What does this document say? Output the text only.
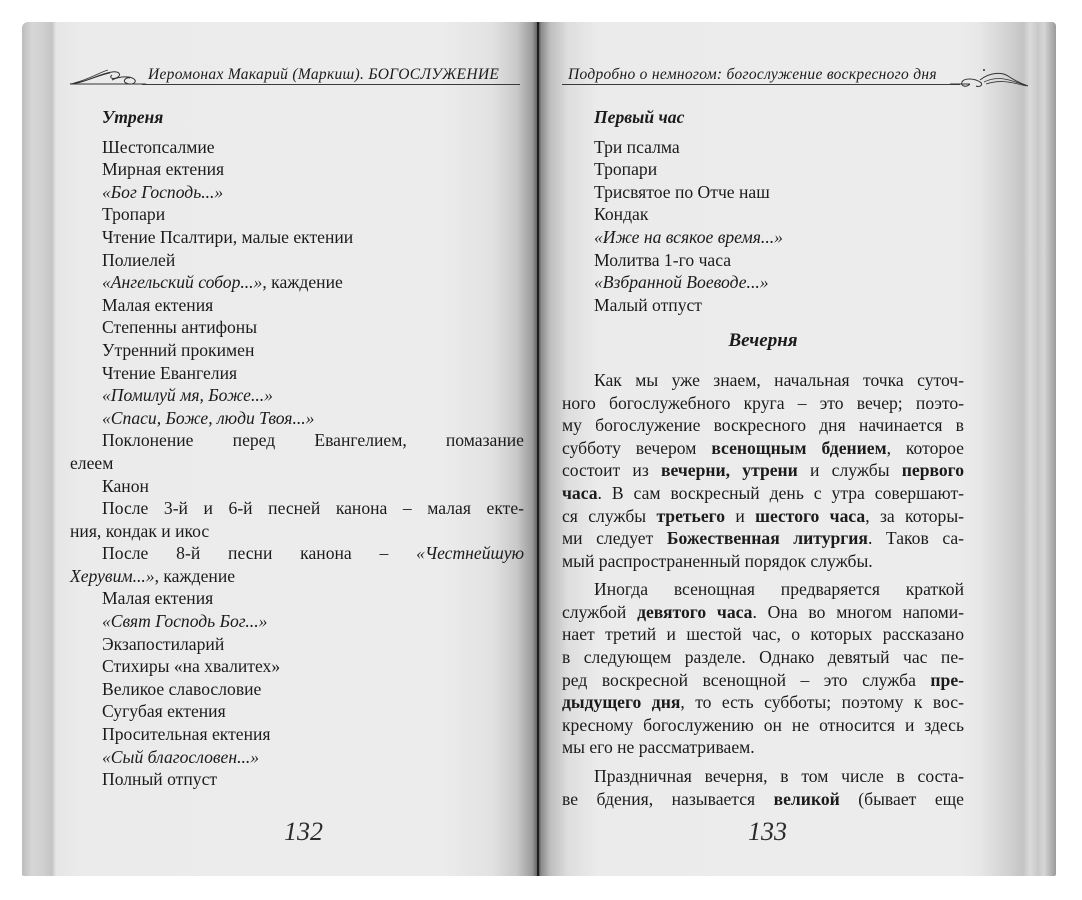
Иеромонах Макарий (Маркиш). БОГОСЛУЖЕНИЕ
Утреня
Шестопсалмие
Мирная ектения
«Бог Господь...»
Тропари
Чтение Псалтири, малые ектении
Полиелей
«Ангельский собор...», каждение
Малая ектения
Степенны антифоны
Утренний прокимен
Чтение Евангелия
«Помилуй мя, Боже...»
«Спаси, Боже, люди Твоя...»
Поклонение перед Евангелием, помазание
елеем
Канон
После 3-й и 6-й песней канона – малая екте-
ния, кондак и икос
После 8-й песни канона – «Честнейшую
Херувим...», каждение
Малая ектения
«Свят Господь Бог...»
Экзапостиларий
Стихиры «на хвалитех»
Великое славословие
Сугубая ектения
Просительная ектения
«Сый благословен...»
Полный отпуст
132
Подробно о немногом: богослужение воскресного дня
Первый час
Три псалма
Тропари
Трисвятое по Отче наш
Кондак
«Иже на всякое время...»
Молитва 1-го часа
«Взбранной Воеводе...»
Малый отпуст
Вечерня
Как мы уже знаем, начальная точка суточ-
ного богослужебного круга – это вечер; поэто-
му богослужение воскресного дня начинается в
субботу вечером всенощным бдением, которое
состоит из вечерни, утрени и службы первого
часа. В сам воскресный день с утра совершают-
ся службы третьего и шестого часа, за которы-
ми следует Божественная литургия. Таков са-
мый распространенный порядок службы.
Иногда всенощная предваряется краткой
службой девятого часа. Она во многом напоми-
нает третий и шестой час, о которых рассказано
в следующем разделе. Однако девятый час пе-
ред воскресной всенощной – это служба пре-
дыдущего дня, то есть субботы; поэтому к вос-
кресному богослужению он не относится и здесь
мы его не рассматриваем.
Праздничная вечерня, в том числе в соста-
ве бдения, называется великой (бывает еще
133
